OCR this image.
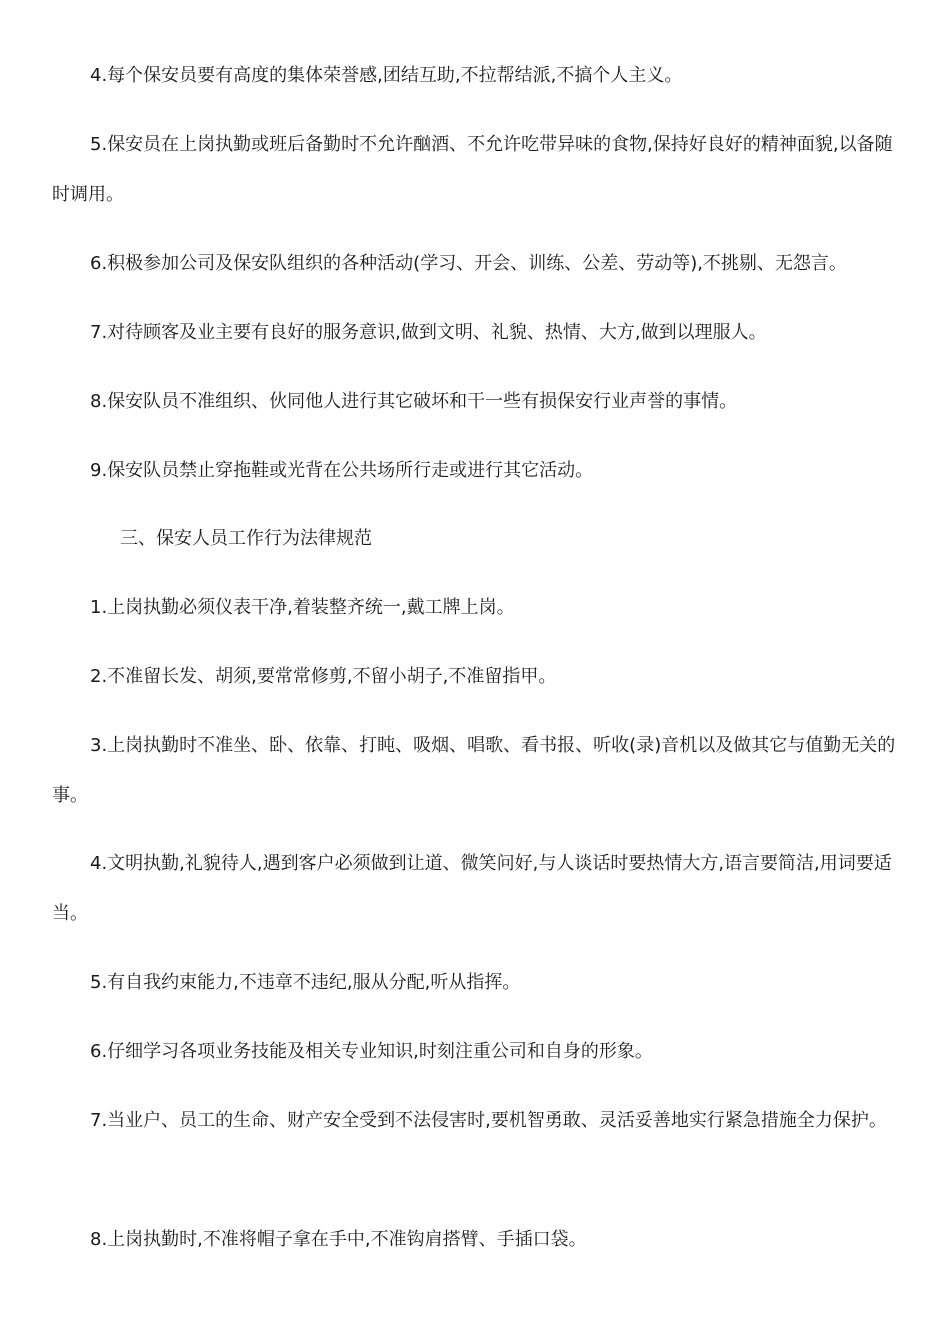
4.每个保安员要有高度的集体荣誉感,团结互助,不拉帮结派,不搞个人主义。

5.保安员在上岗执勤或班后备勤时不允许酗酒、不允许吃带异味的食物,保持好良好的精神面貌,以备随时调用。

6.积极参加公司及保安队组织的各种活动(学习、开会、训练、公差、劳动等),不挑剔、无怨言。

7.对待顾客及业主要有良好的服务意识,做到文明、礼貌、热情、大方,做到以理服人。

8.保安队员不准组织、伙同他人进行其它破坏和干一些有损保安行业声誉的事情。

9.保安队员禁止穿拖鞋或光背在公共场所行走或进行其它活动。

三、保安人员工作行为法律规范

1.上岗执勤必须仪表干净,着装整齐统一,戴工牌上岗。

2.不准留长发、胡须,要常常修剪,不留小胡子,不准留指甲。

3.上岗执勤时不准坐、卧、依靠、打盹、吸烟、唱歌、看书报、听收(录)音机以及做其它与值勤无关的事。

4.文明执勤,礼貌待人,遇到客户必须做到让道、微笑问好,与人谈话时要热情大方,语言要简洁,用词要适当。

5.有自我约束能力,不违章不违纪,服从分配,听从指挥。

6.仔细学习各项业务技能及相关专业知识,时刻注重公司和自身的形象。

7.当业户、员工的生命、财产安全受到不法侵害时,要机智勇敢、灵活妥善地实行紧急措施全力保护。

8.上岗执勤时,不准将帽子拿在手中,不准钩肩搭臂、手插口袋。
